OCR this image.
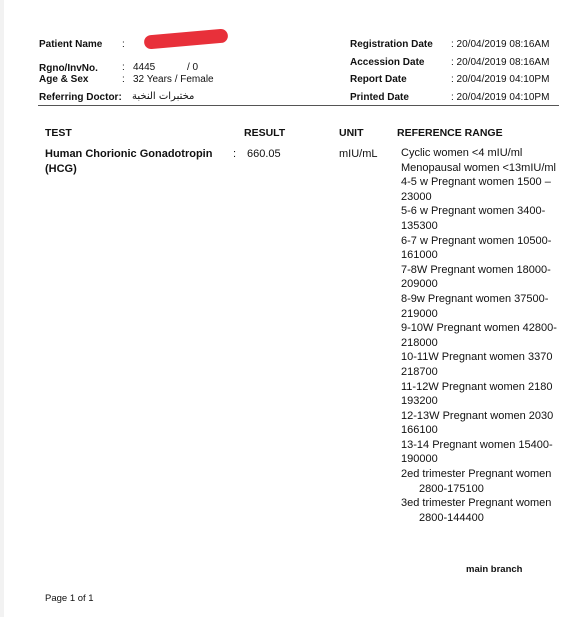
Patient Name :
Rgno/InvNo. : 4445	/ 0
Age & Sex	: 32 Years / Female
Referring Doctor: مختبرات النخبة
Registration Date : 20/04/2019 08:16AM
Accession Date	: 20/04/2019 08:16AM
Report Date	: 20/04/2019 04:10PM
Printed Date	: 20/04/2019 04:10PM
TEST	RESULT	UNIT	REFERENCE RANGE
Human Chorionic Gonadotropin
(HCG)
: 660.05	mIU/mL Cyclic women <4 mIU/ml
Menopausal women <13mIU/ml
4-5 w Pregnant women 1500 –
23000
5-6 w Pregnant women 3400-
135300
6-7 w Pregnant women 10500-
161000
7-8W Pregnant women 18000-
209000
8-9w Pregnant women 37500-
219000
9-10W Pregnant women 42800-
218000
10-11W Pregnant women 3370
218700
11-12W Pregnant women 2180
193200
12-13W Pregnant women 2030
166100
13-14 Pregnant women 15400-
190000
2ed trimester Pregnant women
2800-175100
3ed trimester Pregnant women
2800-144400
main branch
Page 1 of 1
